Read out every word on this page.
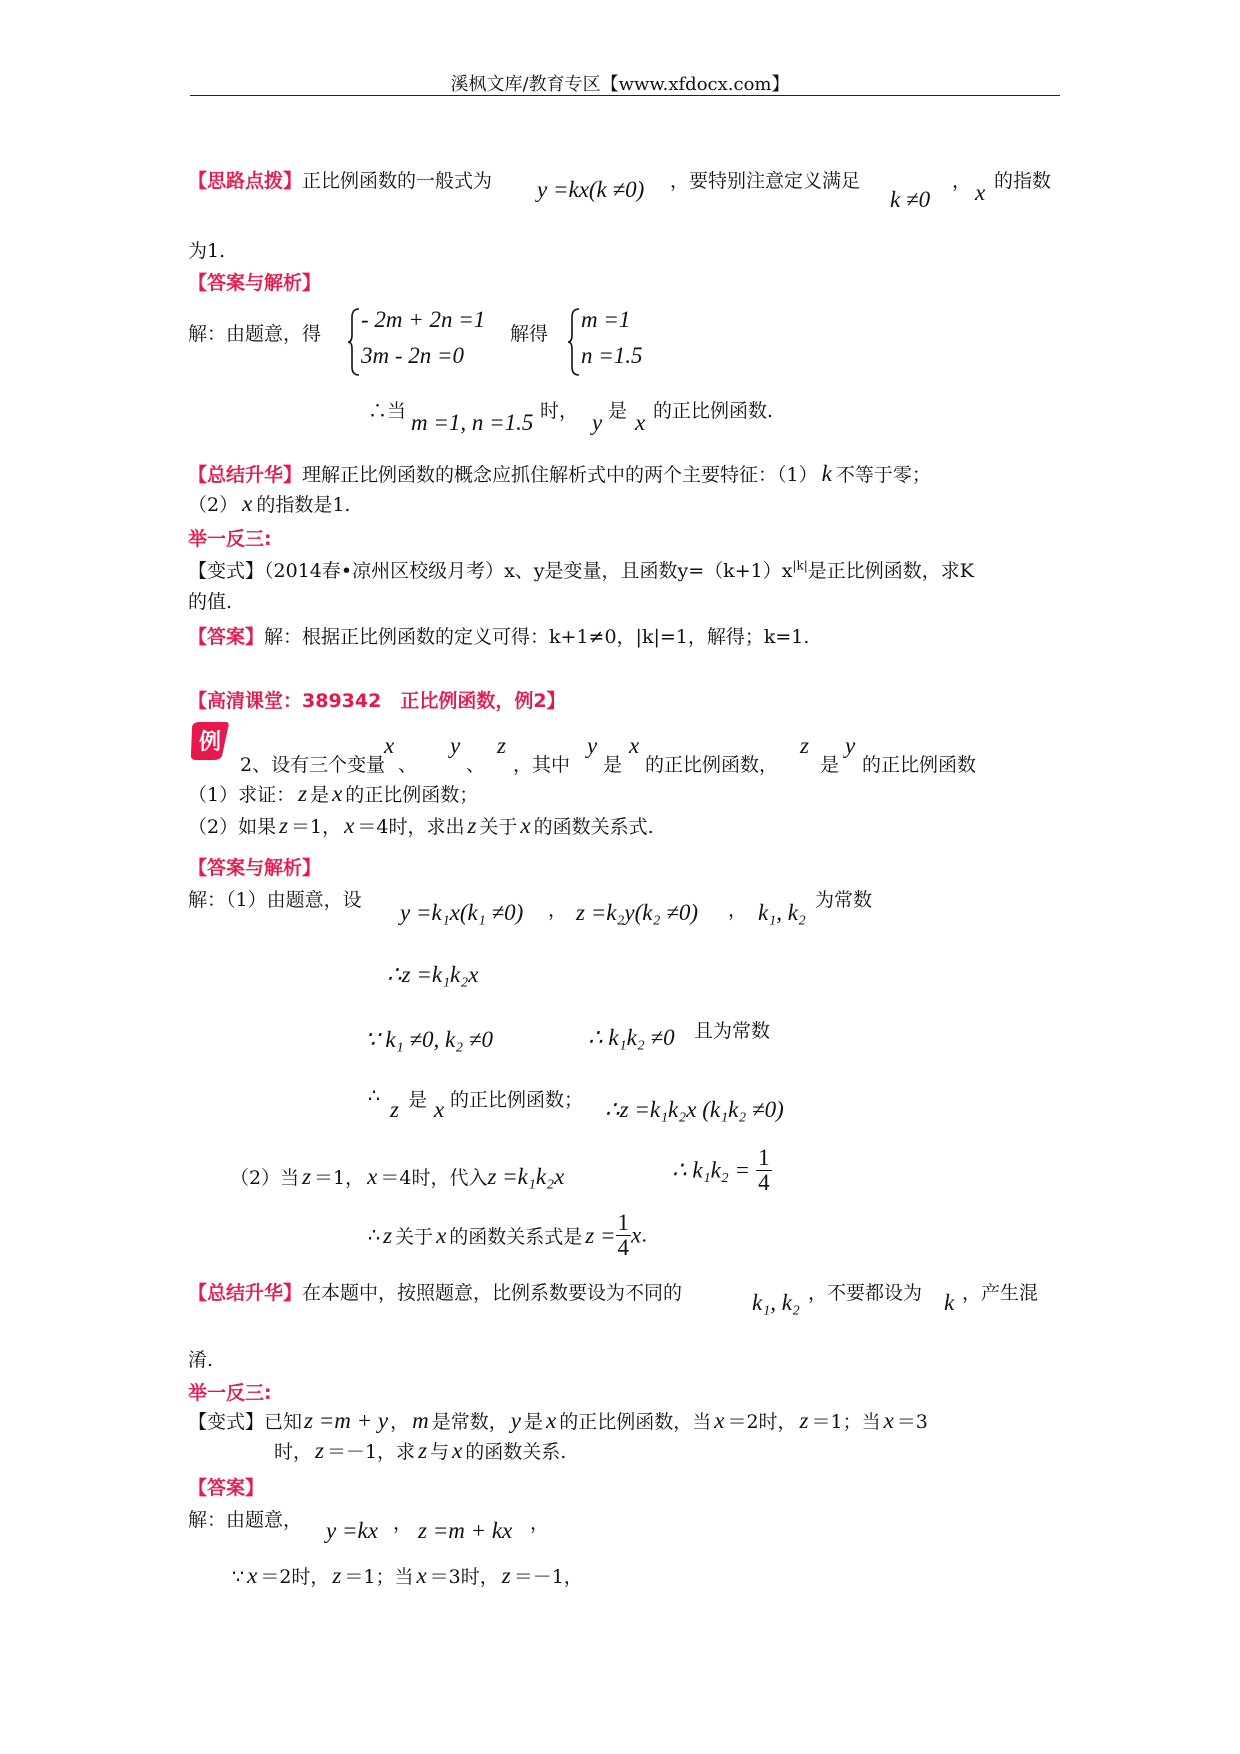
溪枫文库/教育专区【www.xfdocx.com】
【思路点拨】正比例函数的一般式为 y =kx(k ≠0) ，要特别注意定义满足
k ≠0
， x 的指数
为1.
【答案与解析】
解：由题意，得
- 2m + 2n =1
3m - 2n =0
解得
m =1
n =1.5
∴当 m =1, n =1.5 时， y 是 x 的正比例函数.
【总结升华】理解正比例函数的概念应抓住解析式中的两个主要特征：（1） k 不等于零；
（2） x 的指数是1.
举一反三:
【变式】（2014春•凉州区校级月考）x、y是变量，且函数$y=(k+1)x^{|k|}$是正比例函数，求K
的值.
【答案】解：根据正比例函数的定义可得：k+1≠0，|k|=1，解得；k=1.
【高清课堂：389342　正比例函数，例2】
例
2、设有三个变量
x
、
y
、
z
，其中
y
是
x
的正比例函数，
z
是
y
的正比例函数
（1）求证： z 是 x 的正比例函数；
（2）如果 z ＝1， x ＝4时，求出 z 关于 x 的函数关系式.
【答案与解析】
解：（1）由题意，设 y =k₁x(k₁ ≠0) ， z =k₂y(k₂ ≠0) ， k₁, k₂ 为常数
∴z =k₁k₂x
∵ k₁ ≠0, k₂ ≠0	∴ k₁k₂ ≠0 且为常数
∴
z 是 x 的正比例函数； ∴z =k₁k₂x (k₁k₂ ≠0)
（2）当 z ＝1， x ＝4时，代入z =k₁k₂x	∴ $k_1k_2 = \frac{1}{4}$
∴ z 关于 x 的函数关系式是 $z = \frac{1}{4} x$.
【总结升华】在本题中，按照题意，比例系数要设为不同的	k₁, k₂ ，不要都设为 k ，产生混
淆.
举一反三:
【变式】已知z =m + y ， m 是常数， y 是 x 的正比例函数，当 x ＝2时， z ＝1；当 x ＝3
时， z ＝－1，求 z 与 x 的函数关系.
【答案】
解：由题意， y =kx ， z =m + kx ，
∵ x ＝2时， z ＝1；当 x ＝3时， z ＝－1，
